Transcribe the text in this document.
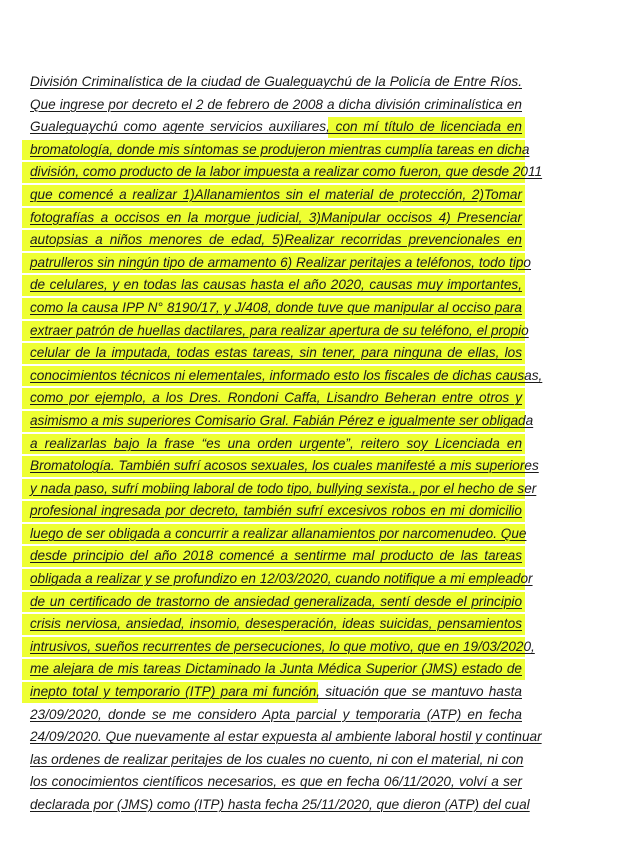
División Criminalística de la ciudad de Gualeguaychú de la Policía de Entre Ríos.
Que ingrese por decreto el 2 de febrero de 2008 a dicha división criminalística en
Gualeguaychú como agente servicios auxiliares, con mí título de licenciada en
bromatología, donde mis síntomas se produjeron mientras cumplía tareas en dicha
división, como producto de la labor impuesta a realizar como fueron, que desde 2011
que comencé a realizar 1)Allanamientos sin el material de protección, 2)Tomar
fotografías a occisos en la morgue judicial, 3)Manipular occisos 4) Presenciar
autopsias a niños menores de edad, 5)Realizar recorridas prevencionales en
patrulleros sin ningún tipo de armamento 6) Realizar peritajes a teléfonos, todo tipo
de celulares, y en todas las causas hasta el año 2020, causas muy importantes,
como la causa IPP N° 8190/17, y J/408, donde tuve que manipular al occiso para
extraer patrón de huellas dactilares, para realizar apertura de su teléfono, el propio
celular de la imputada, todas estas tareas, sin tener, para ninguna de ellas, los
conocimientos técnicos ni elementales, informado esto los fiscales de dichas causas,
como por ejemplo, a los Dres. Rondoni Caffa, Lisandro Beheran entre otros y
asimismo a mis superiores Comisario Gral. Fabián Pérez e igualmente ser obligada
a realizarlas bajo la frase “es una orden urgente”, reitero soy Licenciada en
Bromatología. También sufrí acosos sexuales, los cuales manifesté a mis superiores
y nada paso, sufrí mobiing laboral de todo tipo, bullying sexista., por el hecho de ser
profesional ingresada por decreto, también sufrí excesivos robos en mi domicilio
luego de ser obligada a concurrir a realizar allanamientos por narcomenudeo. Que
desde principio del año 2018 comencé a sentirme mal producto de las tareas
obligada a realizar y se profundizo en 12/03/2020, cuando notifique a mi empleador
de un certificado de trastorno de ansiedad generalizada, sentí desde el principio
crisis nerviosa, ansiedad, insomio, desesperación, ideas suicidas, pensamientos
intrusivos, sueños recurrentes de persecuciones, lo que motivo, que en 19/03/2020,
me alejara de mis tareas Dictaminado la Junta Médica Superior (JMS) estado de
inepto total y temporario (ITP) para mi función, situación que se mantuvo hasta
23/09/2020, donde se me considero Apta parcial y temporaria (ATP) en fecha
24/09/2020. Que nuevamente al estar expuesta al ambiente laboral hostil y continuar
las ordenes de realizar peritajes de los cuales no cuento, ni con el material, ni con
los conocimientos científicos necesarios, es que en fecha 06/11/2020, volví a ser
declarada por (JMS) como (ITP) hasta fecha 25/11/2020, que dieron (ATP) del cual
